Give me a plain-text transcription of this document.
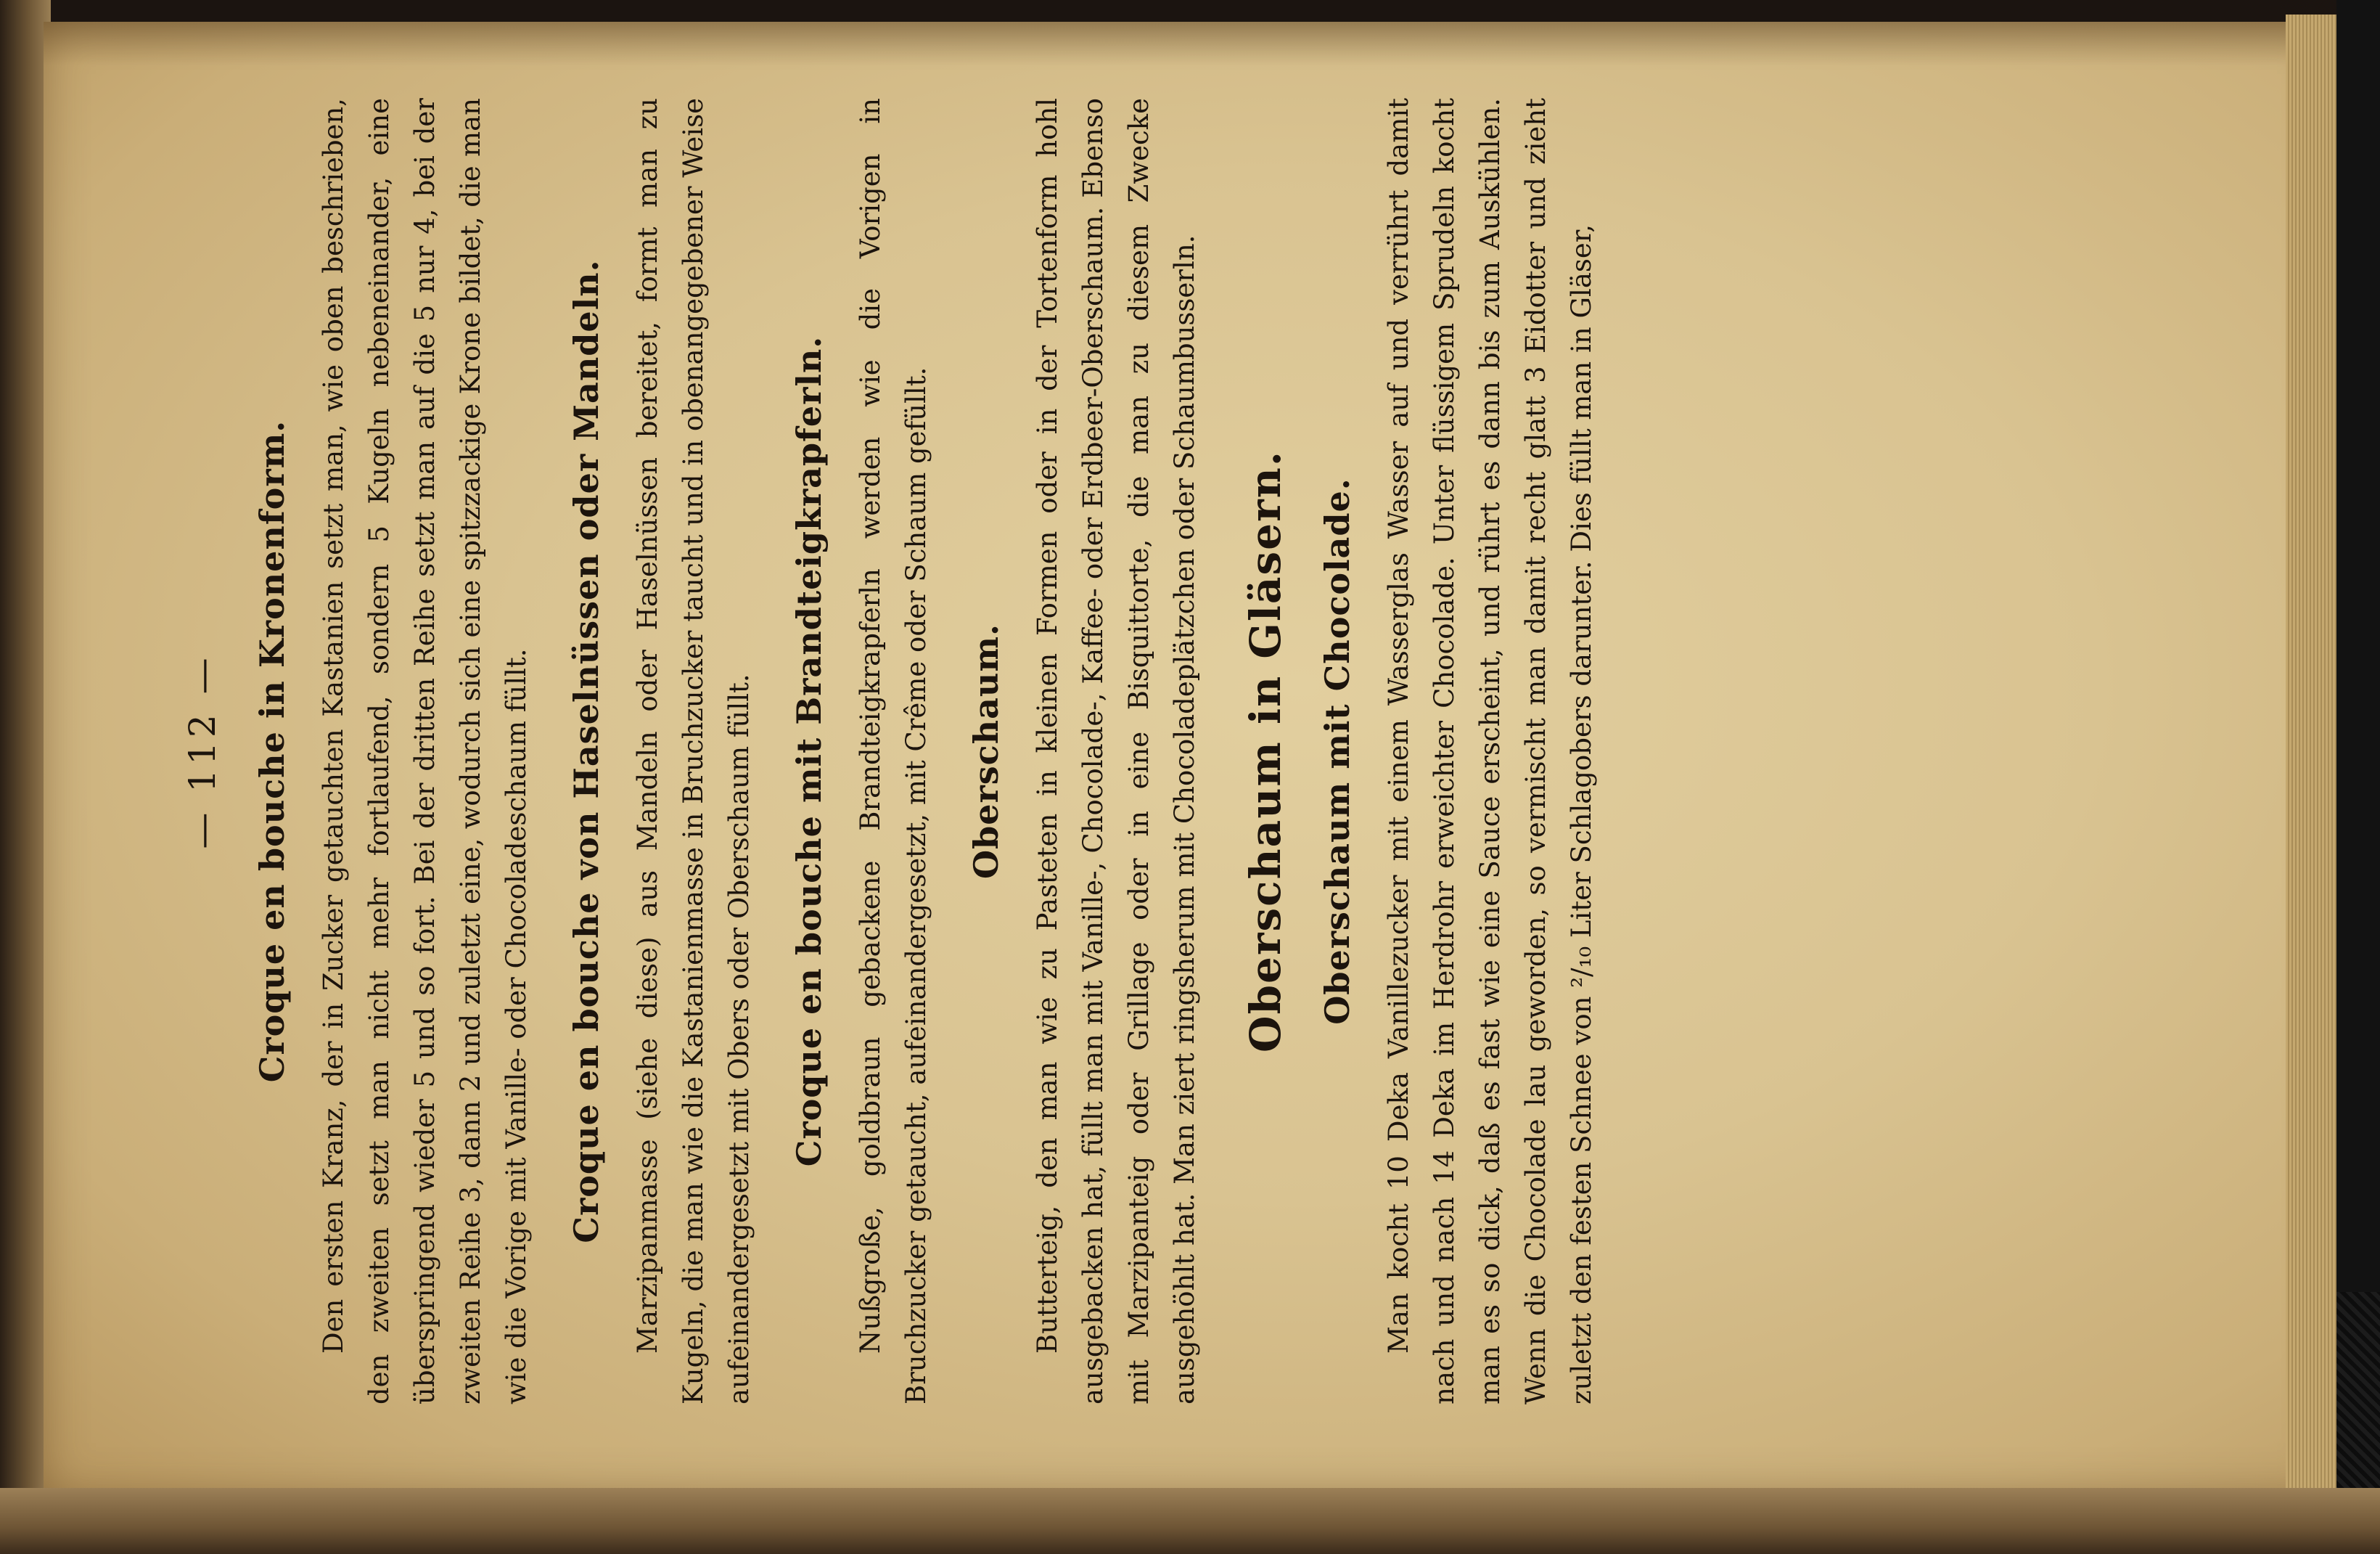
— 112 — Croque en bouche in Kronenform. Den ersten Kranz, der in Zucker getauchten Kastanien setzt man, wie oben beschrieben, den zweiten setzt man nicht mehr fortlaufend, sondern 5 Kugeln nebeneinander, eine überspringend wieder 5 und so fort. Bei der dritten Reihe setzt man auf die 5 nur 4, bei der zweiten Reihe 3, dann 2 und zuletzt eine, wodurch sich eine spitzzackige Krone bildet, die man wie die Vorige mit Vanille- oder Chocoladeschaum füllt. Croque en bouche von Haselnüssen oder Mandeln. Marzipanmasse (siehe diese) aus Mandeln oder Haselnüssen bereitet, formt man zu Kugeln, die man wie die Kastanienmasse in Bruchzucker taucht und in obenangegebener Weise aufeinandergesetzt mit Obers oder Oberschaum füllt. Croque en bouche mit Brandteigkrapferln. Nußgroße, goldbraun gebackene Brandteigkrapferln werden wie die Vorigen in Bruchzucker getaucht, aufeinandergesetzt, mit Crême oder Schaum gefüllt. Oberschaum. Butterteig, den man wie zu Pasteten in kleinen Formen oder in der Tortenform hohl ausgebacken hat, füllt man mit Vanille-, Chocolade-, Kaffee- oder Erdbeer-Oberschaum. Ebenso mit Marzipanteig oder Grillage oder in eine Bisquittorte, die man zu diesem Zwecke ausgehöhlt hat. Man ziert ringsherum mit Chocoladeplätzchen oder Schaumbusserln. Oberschaum in Gläsern. Oberschaum mit Chocolade. Man kocht 10 Deka Vanillezucker mit einem Wasserglas Wasser auf und verrührt damit nach und nach 14 Deka im Herdrohr erweichter Chocolade. Unter flüssigem Sprudeln kocht man es so dick, daß es fast wie eine Sauce erscheint, und rührt es dann bis zum Auskühlen. Wenn die Chocolade lau geworden, so vermischt man damit recht glatt 3 Eidotter und zieht zuletzt den festen Schnee von ²/₁₀ Liter Schlagobers darunter. Dies füllt man in Gläser,
